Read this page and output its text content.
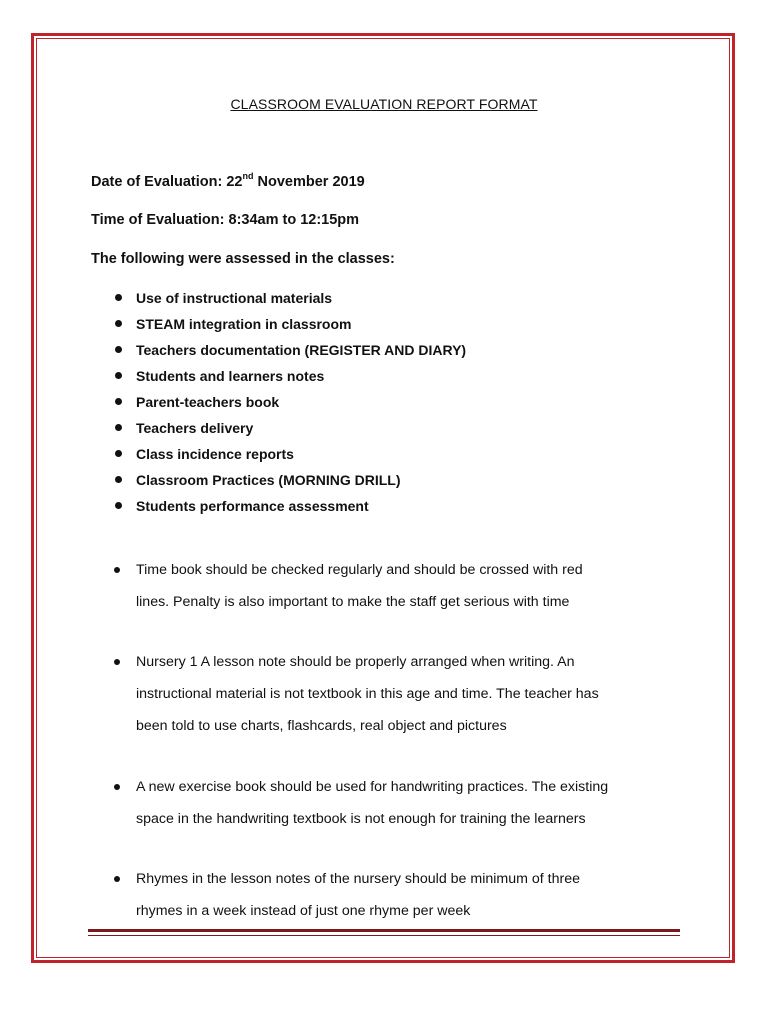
CLASSROOM EVALUATION REPORT FORMAT
Date of Evaluation: 22nd November 2019
Time of Evaluation: 8:34am to 12:15pm
The following were assessed in the classes:
Use of instructional materials
STEAM integration in classroom
Teachers documentation (REGISTER AND DIARY)
Students and learners notes
Parent-teachers book
Teachers delivery
Class incidence reports
Classroom Practices (MORNING DRILL)
Students performance assessment
Time book should be checked regularly and should be crossed with red
lines. Penalty is also important to make the staff get serious with time
Nursery 1 A lesson note should be properly arranged when writing. An
instructional material is not textbook in this age and time. The teacher has
been told to use charts, flashcards, real object and pictures
A new exercise book should be used for handwriting practices. The existing
space in the handwriting textbook is not enough for training the learners
Rhymes in the lesson notes of the nursery should be minimum of three
rhymes in a week instead of just one rhyme per week
